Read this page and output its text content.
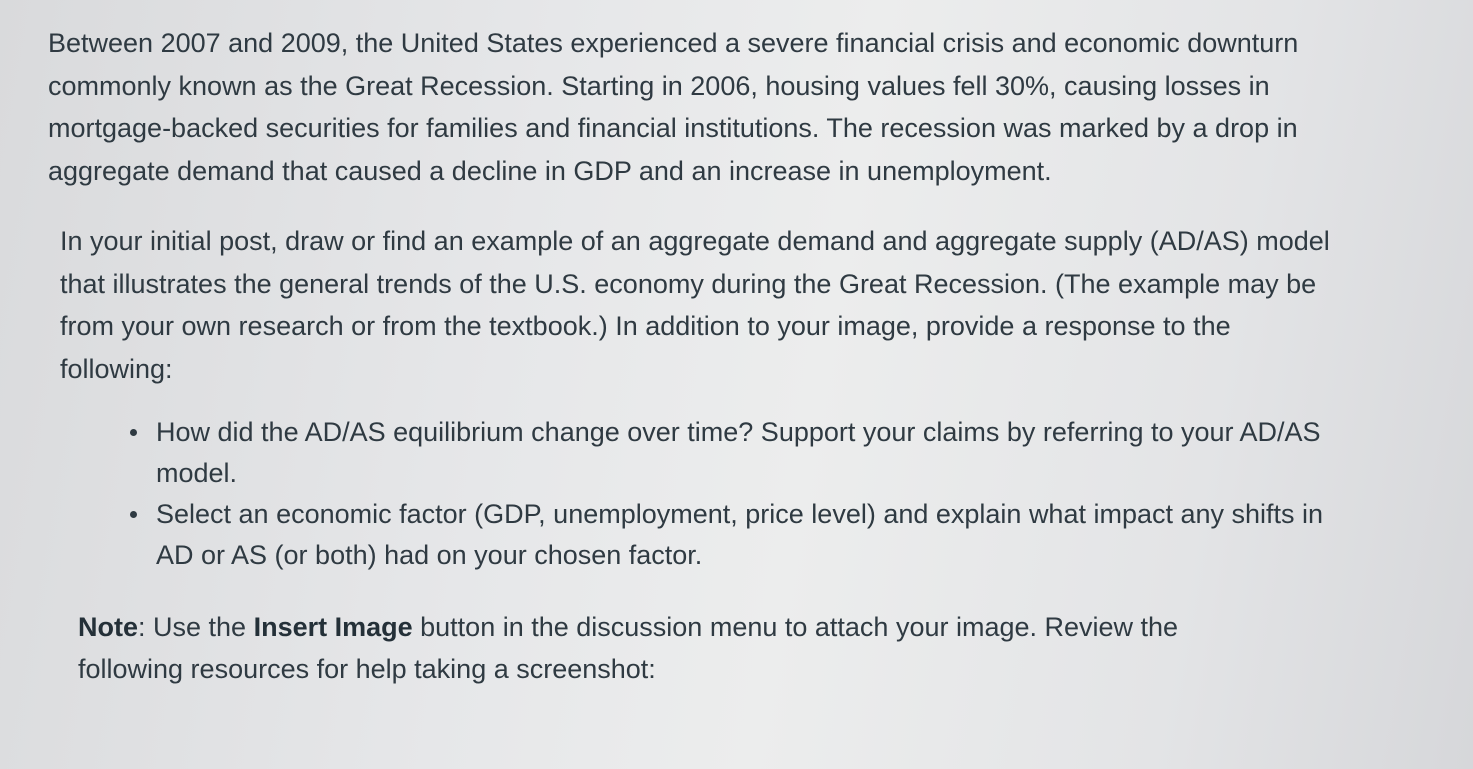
Between 2007 and 2009, the United States experienced a severe financial crisis and economic downturn commonly known as the Great Recession. Starting in 2006, housing values fell 30%, causing losses in mortgage-backed securities for families and financial institutions. The recession was marked by a drop in aggregate demand that caused a decline in GDP and an increase in unemployment.

In your initial post, draw or find an example of an aggregate demand and aggregate supply (AD/AS) model that illustrates the general trends of the U.S. economy during the Great Recession. (The example may be from your own research or from the textbook.) In addition to your image, provide a response to the following:

How did the AD/AS equilibrium change over time? Support your claims by referring to your AD/AS model.
Select an economic factor (GDP, unemployment, price level) and explain what impact any shifts in AD or AS (or both) had on your chosen factor.

Note: Use the Insert Image button in the discussion menu to attach your image. Review the following resources for help taking a screenshot:
